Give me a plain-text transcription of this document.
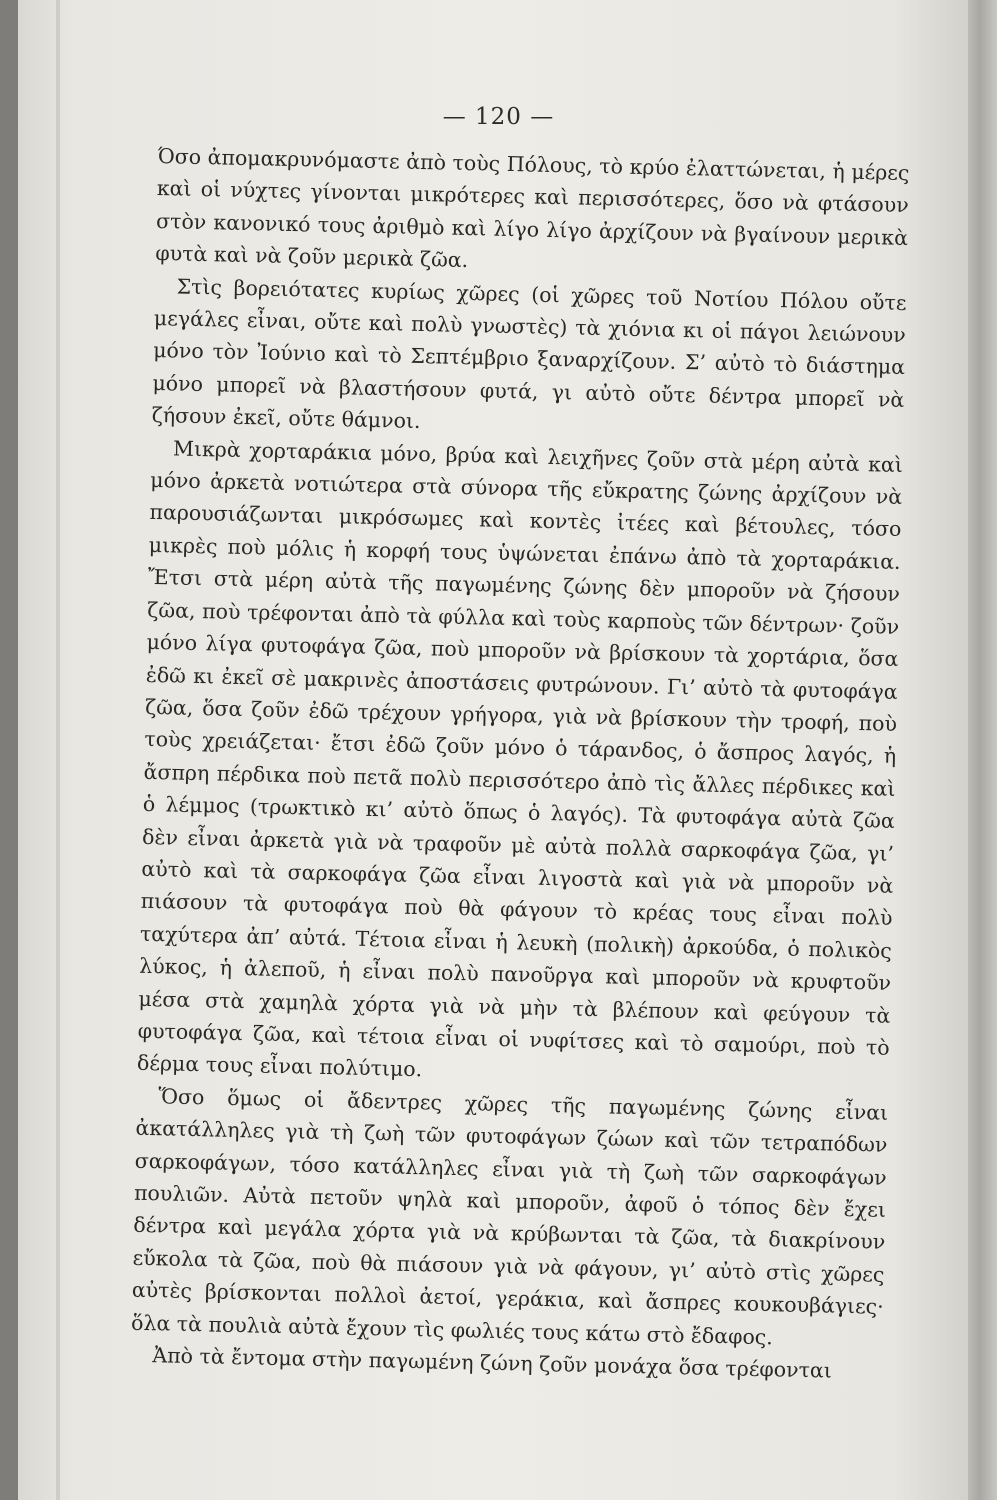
— 120 —

Όσο ἀπομακρυνόμαστε ἀπὸ τοὺς Πόλους, τὸ κρύο ἐλαττώνεται, ἡ μέρες καὶ οἱ νύχτες γίνονται μικρότερες καὶ περισσότερες, ὅσο νὰ φτάσουν στὸν κανονικό τους ἀριθμὸ καὶ λίγο λίγο ἀρχίζουν νὰ βγαίνουν μερικὰ φυτὰ καὶ νὰ ζοῦν μερικὰ ζῶα.

Στὶς βορειότατες κυρίως χῶρες (οἱ χῶρες τοῦ Νοτίου Πόλου οὔτε μεγάλες εἶναι, οὔτε καὶ πολὺ γνωστὲς) τὰ χιόνια κι οἱ πάγοι λειώνουν μόνο τὸν Ἰούνιο καὶ τὸ Σεπτέμβριο ξαναρχίζουν. Σ’ αὐτὸ τὸ διάστημα μόνο μπορεῖ νὰ βλαστήσουν φυτά, γι αὐτὸ οὔτε δέντρα μπορεῖ νὰ ζήσουν ἐκεῖ, οὔτε θάμνοι.

Μικρὰ χορταράκια μόνο, βρύα καὶ λειχῆνες ζοῦν στὰ μέρη αὐτὰ καὶ μόνο ἀρκετὰ νοτιώτερα στὰ σύνορα τῆς εὔκρατης ζώνης ἀρχίζουν νὰ παρουσιάζωνται μικρόσωμες καὶ κοντὲς ἰτέες καὶ βέτουλες, τόσο μικρὲς ποὺ μόλις ἡ κορφή τους ὑψώνεται ἐπάνω ἀπὸ τὰ χορταράκια. Ἔτσι στὰ μέρη αὐτὰ τῆς παγωμένης ζώνης δὲν μποροῦν νὰ ζήσουν ζῶα, ποὺ τρέφονται ἀπὸ τὰ φύλλα καὶ τοὺς καρποὺς τῶν δέντρων· ζοῦν μόνο λίγα φυτοφάγα ζῶα, ποὺ μποροῦν νὰ βρίσκουν τὰ χορτάρια, ὅσα ἐδῶ κι ἐκεῖ σὲ μακρινὲς ἀποστάσεις φυτρώνουν. Γι’ αὐτὸ τὰ φυτοφάγα ζῶα, ὅσα ζοῦν ἐδῶ τρέχουν γρήγορα, γιὰ νὰ βρίσκουν τὴν τροφή, ποὺ τοὺς χρειάζεται· ἔτσι ἐδῶ ζοῦν μόνο ὁ τάρανδος, ὁ ἄσπρος λαγός, ἡ ἄσπρη πέρδικα ποὺ πετᾶ πολὺ περισσότερο ἀπὸ τὶς ἄλλες πέρδικες καὶ ὁ λέμμος (τρωκτικὸ κι’ αὐτὸ ὅπως ὁ λαγός). Τὰ φυτοφάγα αὐτὰ ζῶα δὲν εἶναι ἀρκετὰ γιὰ νὰ τραφοῦν μὲ αὐτὰ πολλὰ σαρκοφάγα ζῶα, γι’ αὐτὸ καὶ τὰ σαρκοφάγα ζῶα εἶναι λιγοστὰ καὶ γιὰ νὰ μποροῦν νὰ πιάσουν τὰ φυτοφάγα ποὺ θὰ φάγουν τὸ κρέας τους εἶναι πολὺ ταχύτερα ἀπ’ αὐτά. Τέτοια εἶναι ἡ λευκὴ (πολικὴ) ἀρκούδα, ὁ πολικὸς λύκος, ἡ ἀλεποῦ, ἡ εἶναι πολὺ πανοῦργα καὶ μποροῦν νὰ κρυφτοῦν μέσα στὰ χαμηλὰ χόρτα γιὰ νὰ μὴν τὰ βλέπουν καὶ φεύγουν τὰ φυτοφάγα ζῶα, καὶ τέτοια εἶναι οἱ νυφίτσες καὶ τὸ σαμούρι, ποὺ τὸ δέρμα τους εἶναι πολύτιμο.

Ὅσο ὅμως οἱ ἄδεντρες χῶρες τῆς παγωμένης ζώνης εἶναι ἀκατάλληλες γιὰ τὴ ζωὴ τῶν φυτοφάγων ζώων καὶ τῶν τετραπόδων σαρκοφάγων, τόσο κατάλληλες εἶναι γιὰ τὴ ζωὴ τῶν σαρκοφάγων πουλιῶν. Αὐτὰ πετοῦν ψηλὰ καὶ μποροῦν, ἀφοῦ ὁ τόπος δὲν ἔχει δέντρα καὶ μεγάλα χόρτα γιὰ νὰ κρύβωνται τὰ ζῶα, τὰ διακρίνουν εὔκολα τὰ ζῶα, ποὺ θὰ πιάσουν γιὰ νὰ φάγουν, γι’ αὐτὸ στὶς χῶρες αὐτὲς βρίσκονται πολλοὶ ἀετοί, γεράκια, καὶ ἄσπρες κουκουβάγιες· ὅλα τὰ πουλιὰ αὐτὰ ἔχουν τὶς φωλιές τους κάτω στὸ ἔδαφος.

Ἀπὸ τὰ ἔντομα στὴν παγωμένη ζώνη ζοῦν μονάχα ὅσα τρέφονται
